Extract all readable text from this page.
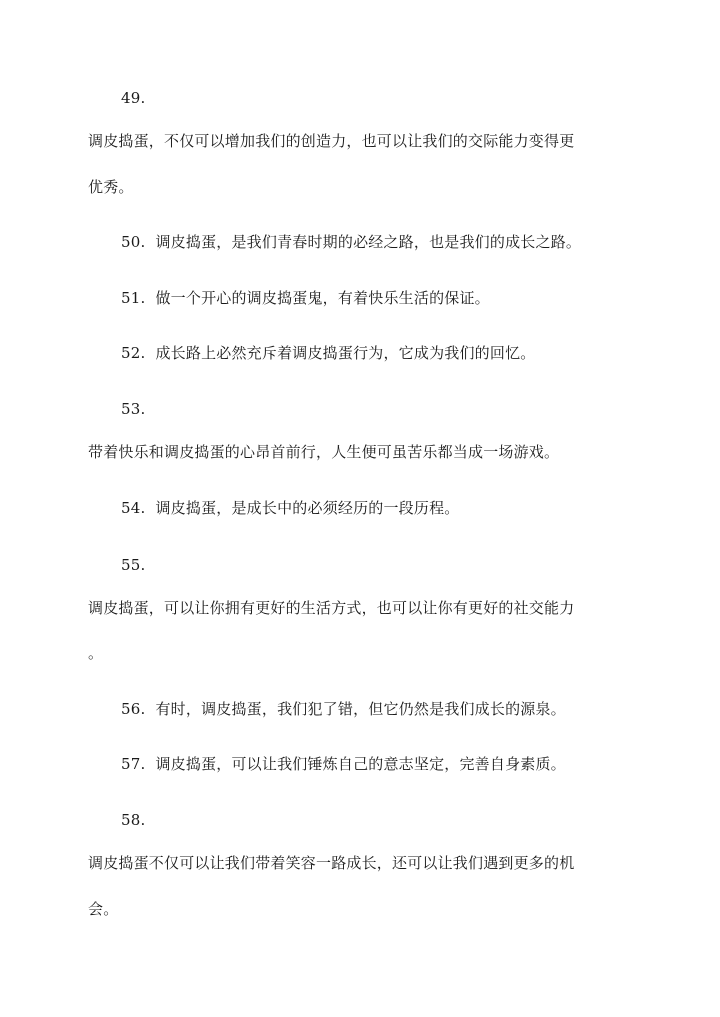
49.
调皮捣蛋，不仅可以增加我们的创造力，也可以让我们的交际能力变得更
优秀。
50. 调皮捣蛋，是我们青春时期的必经之路，也是我们的成长之路。
51. 做一个开心的调皮捣蛋鬼，有着快乐生活的保证。
52. 成长路上必然充斥着调皮捣蛋行为，它成为我们的回忆。
53.
带着快乐和调皮捣蛋的心昂首前行，人生便可虽苦乐都当成一场游戏。
54. 调皮捣蛋，是成长中的必须经历的一段历程。
55.
调皮捣蛋，可以让你拥有更好的生活方式，也可以让你有更好的社交能力
。
56. 有时，调皮捣蛋，我们犯了错，但它仍然是我们成长的源泉。
57. 调皮捣蛋，可以让我们锤炼自己的意志坚定，完善自身素质。
58.
调皮捣蛋不仅可以让我们带着笑容一路成长，还可以让我们遇到更多的机
会。
